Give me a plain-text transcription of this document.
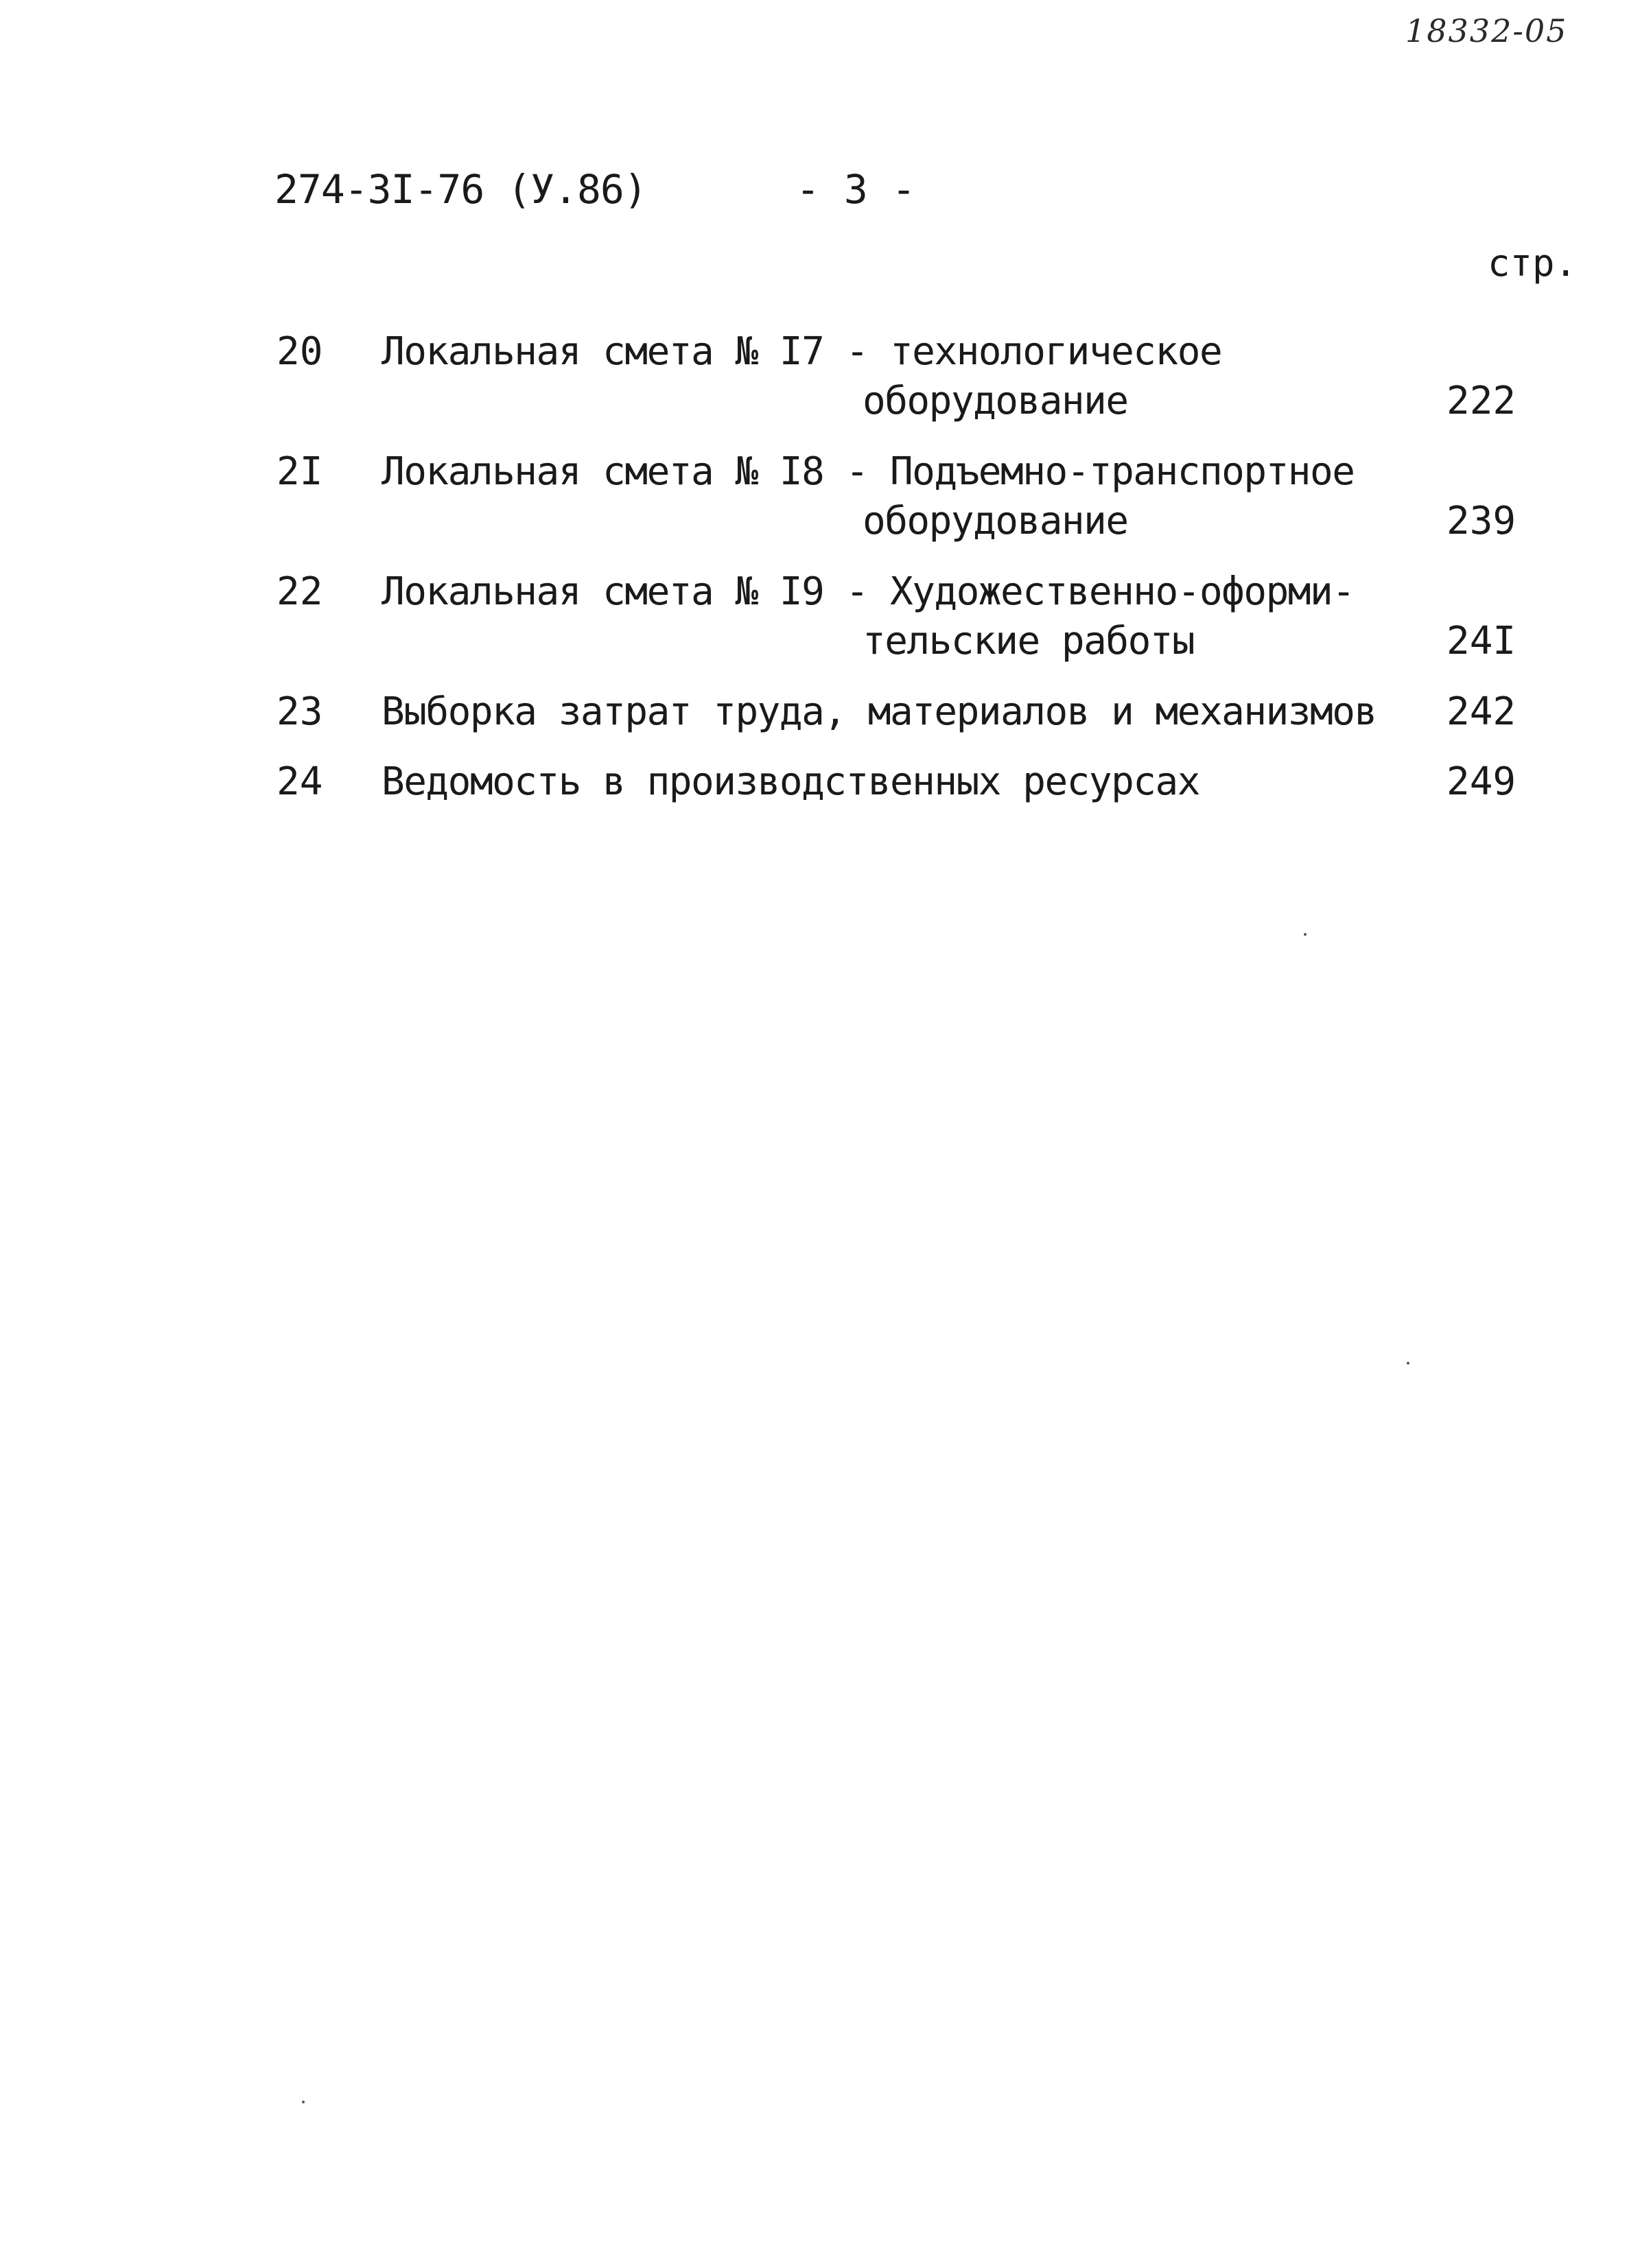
18332-05
274-3I-76 (У.86)	- 3 -
стр.
20 Локальная смета № I7 - технологическое
оборудование	222
2I Локальная смета № I8 - Подъемно-транспортное
оборудование	239
22 Локальная смета № I9 - Художественно-оформи-
тельские работы	24I
23 Выборка затрат труда, материалов и механизмов 242
24 Ведомость в производственных ресурсах	249
